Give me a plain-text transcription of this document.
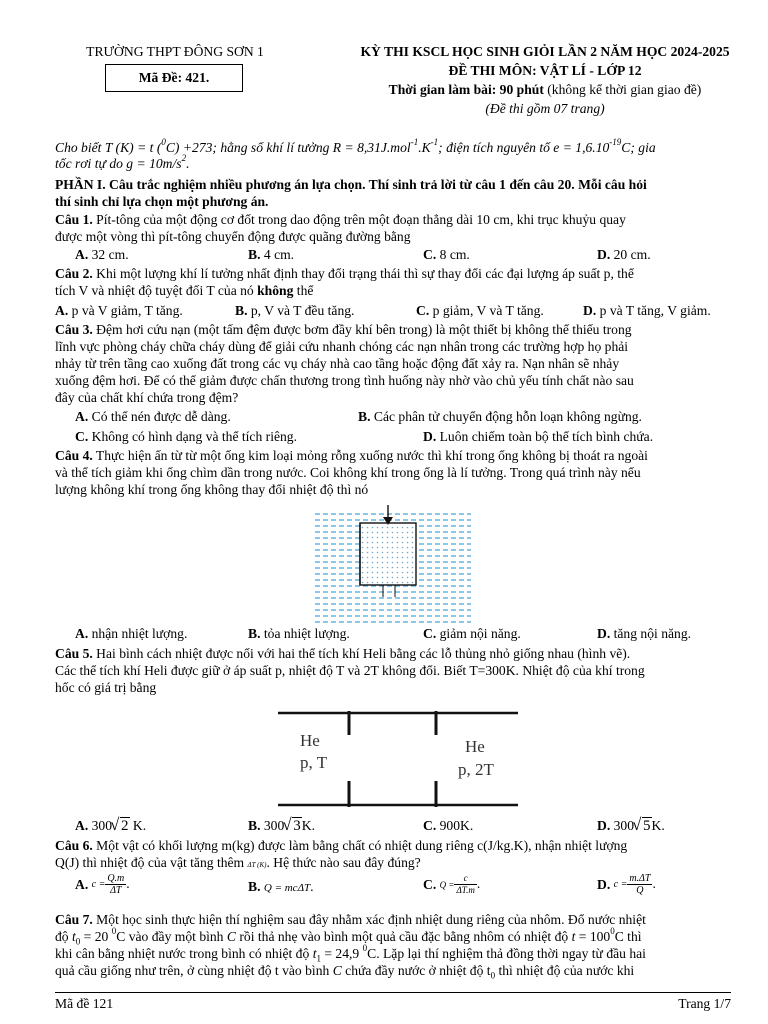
TRƯỜNG THPT ĐÔNG SƠN 1
Mã Đề: 421.
KỲ THI KSCL HỌC SINH GIỎI LẦN 2 NĂM HỌC 2024-2025
ĐỀ THI MÔN: VẬT LÍ - LỚP 12
Thời gian làm bài: 90 phút (không kể thời gian giao đề)
(Đề thi gồm 07 trang)
Cho biết T (K) = t ($^0$C) +273; hằng số khí lí tưởng $R = 8,31J.mol^{-1}.K^{-1}$; điện tích nguyên tố $e = 1,6.10^{-19}C$; gia
tốc rơi tự do $g = 10m/s^2$.
PHẦN I. Câu trắc nghiệm nhiều phương án lựa chọn. Thí sinh trả lời từ câu 1 đến câu 20. Mỗi câu hỏi
thí sinh chỉ lựa chọn một phương án.
Câu 1. Pít-tông của một động cơ đốt trong dao động trên một đoạn thẳng dài 10 cm, khi trục khuỷu quay
được một vòng thì pít-tông chuyển động được quãng đường bằng
A. 32 cm.	B. 4 cm.	C. 8 cm.	D. 20 cm.
Câu 2. Khi một lượng khí lí tưởng nhất định thay đổi trạng thái thì sự thay đổi các đại lượng áp suất p, thể
tích V và nhiệt độ tuyệt đối T của nó không thể
A. p và V giảm, T tăng.	B. p, V và T đều tăng.	C. p giảm, V và T tăng.	D. p và T tăng, V giảm.
Câu 3. Đệm hơi cứu nạn (một tấm đệm được bơm đầy khí bên trong) là một thiết bị không thể thiếu trong
lĩnh vực phòng cháy chữa cháy dùng để giải cứu nhanh chóng các nạn nhân trong các trường hợp họ phải
nhảy từ trên tầng cao xuống đất trong các vụ cháy nhà cao tầng hoặc động đất xảy ra. Nạn nhân sẽ nhảy
xuống đệm hơi. Để có thể giảm được chấn thương trong tình huống này nhờ vào chủ yếu tính chất nào sau
đây của chất khí chứa trong đệm?
A. Có thể nén được dễ dàng.	B. Các phân tử chuyển động hỗn loạn không ngừng.
C. Không có hình dạng và thể tích riêng.	D. Luôn chiếm toàn bộ thể tích bình chứa.
Câu 4. Thực hiện ấn từ từ một ống kim loại mỏng rỗng xuống nước thì khí trong ống không bị thoát ra ngoài
và thể tích giảm khi ống chìm dần trong nước. Coi không khí trong ống là lí tưởng. Trong quá trình này nếu
lượng không khí trong ống không thay đổi nhiệt độ thì nó
A. nhận nhiệt lượng.	B. tỏa nhiệt lượng.	C. giảm nội năng.	D. tăng nội năng.
Câu 5. Hai bình cách nhiệt được nối với hai thể tích khí Heli bằng các lỗ thủng nhỏ giống nhau (hình vẽ).
Các thể tích khí Heli được giữ ở áp suất p, nhiệt độ T và 2T không đổi. Biết T=300K. Nhiệt độ của khí trong
hốc có giá trị bằng
He
p, T
He
p, 2T
A. 300 √ 2 K.	B. 300 √ 3K.	C. 900K.	D. 300 √ 5K.
Câu 6. Một vật có khối lượng m(kg) được làm bằng chất có nhiệt dung riêng c(J/kg.K), nhận nhiệt lượng
Q(J) thì nhiệt độ của vật tăng thêm ΔT (K). Hệ thức nào sau đây đúng?
A. $c = \frac{Q.m}{\Delta T}$ .	B. Q = mcΔT.	C. $Q = \frac{c}{\Delta T.m}$ .	D. $c = \frac{m.\Delta T}{Q}$ .
Câu 7. Một học sinh thực hiện thí nghiệm sau đây nhằm xác định nhiệt dung riêng của nhôm. Đổ nước nhiệt
độ $t_0 = 20$ $^0$C vào đầy một bình C rồi thả nhẹ vào bình một quả cầu đặc bằng nhôm có nhiệt độ $t = 100^0C$ thì
khi cân bằng nhiệt nước trong bình có nhiệt độ $t_1 = 24,9$ $^0$C. Lặp lại thí nghiệm thả đồng thời ngay từ đầu hai
quả cầu giống như trên, ở cùng nhiệt độ t vào bình C chứa đầy nước ở nhiệt độ $t_0$ thì nhiệt độ của nước khi
Mã đề 121	Trang 1/7
